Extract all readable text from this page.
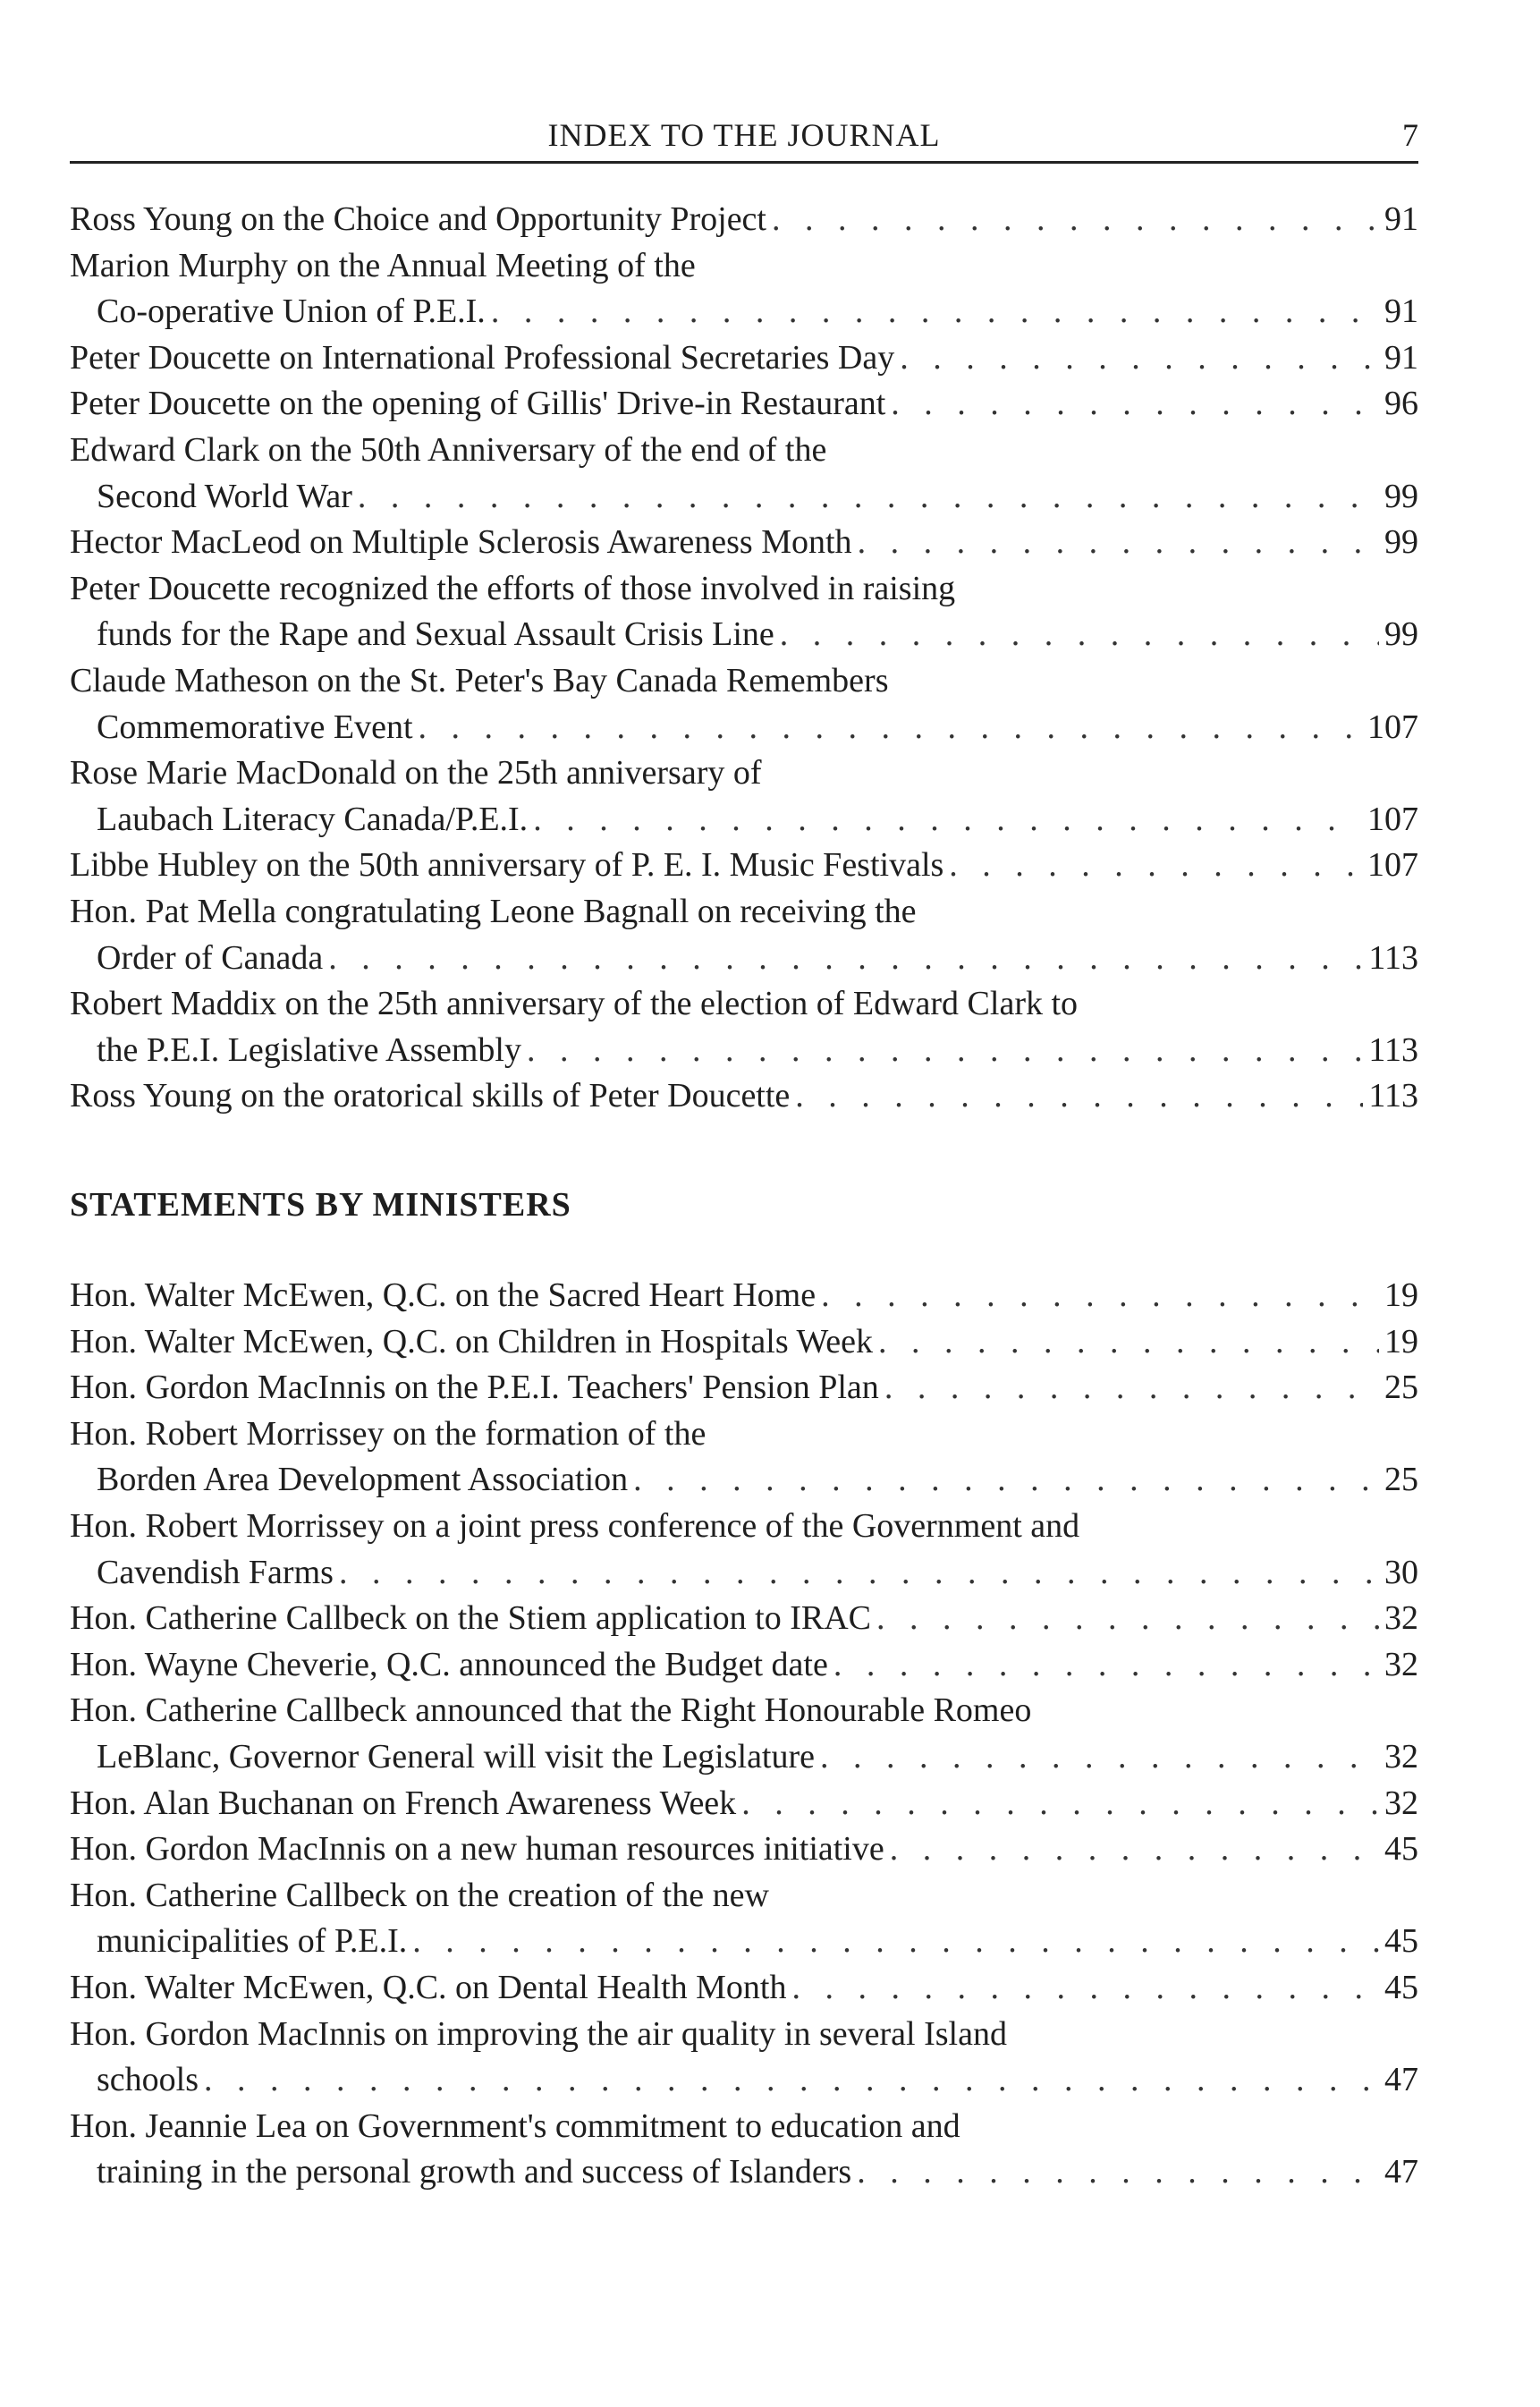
INDEX TO THE JOURNAL	7
Ross Young on the Choice and Opportunity Project . . .	91
Marion Murphy on the Annual Meeting of the
Co-operative Union of P.E.I. . . .	91
Peter Doucette on International Professional Secretaries Day . . .	91
Peter Doucette on the opening of Gillis' Drive-in Restaurant . . .	96
Edward Clark on the 50th Anniversary of the end of the
Second World War . . .	99
Hector MacLeod on Multiple Sclerosis Awareness Month . . .	99
Peter Doucette recognized the efforts of those involved in raising
funds for the Rape and Sexual Assault Crisis Line . . .	99
Claude Matheson on the St. Peter's Bay Canada Remembers
Commemorative Event . . .	107
Rose Marie MacDonald on the 25th anniversary of
Laubach Literacy Canada/P.E.I. . . .	107
Libbe Hubley on the 50th anniversary of P. E. I. Music Festivals . . .	107
Hon. Pat Mella congratulating Leone Bagnall on receiving the
Order of Canada . . .	113
Robert Maddix on the 25th anniversary of the election of Edward Clark to
the P.E.I. Legislative Assembly . . .	113
Ross Young on the oratorical skills of Peter Doucette . . .	113
STATEMENTS BY MINISTERS
Hon. Walter McEwen, Q.C. on the Sacred Heart Home . . .	19
Hon. Walter McEwen, Q.C. on Children in Hospitals Week . . .	19
Hon. Gordon MacInnis on the P.E.I. Teachers' Pension Plan . . .	25
Hon. Robert Morrissey on the formation of the
Borden Area Development Association . . .	25
Hon. Robert Morrissey on a joint press conference of the Government and
Cavendish Farms . . .	30
Hon. Catherine Callbeck on the Stiem application to IRAC . . .	32
Hon. Wayne Cheverie, Q.C. announced the Budget date . . .	32
Hon. Catherine Callbeck announced that the Right Honourable Romeo
LeBlanc, Governor General will visit the Legislature . . .	32
Hon. Alan Buchanan on French Awareness Week . . .	32
Hon. Gordon MacInnis on a new human resources initiative . . .	45
Hon. Catherine Callbeck on the creation of the new
municipalities of P.E.I. . . .	45
Hon. Walter McEwen, Q.C. on Dental Health Month . . .	45
Hon. Gordon MacInnis on improving the air quality in several Island
schools . . .	47
Hon. Jeannie Lea on Government's commitment to education and
training in the personal growth and success of Islanders . . .	47
